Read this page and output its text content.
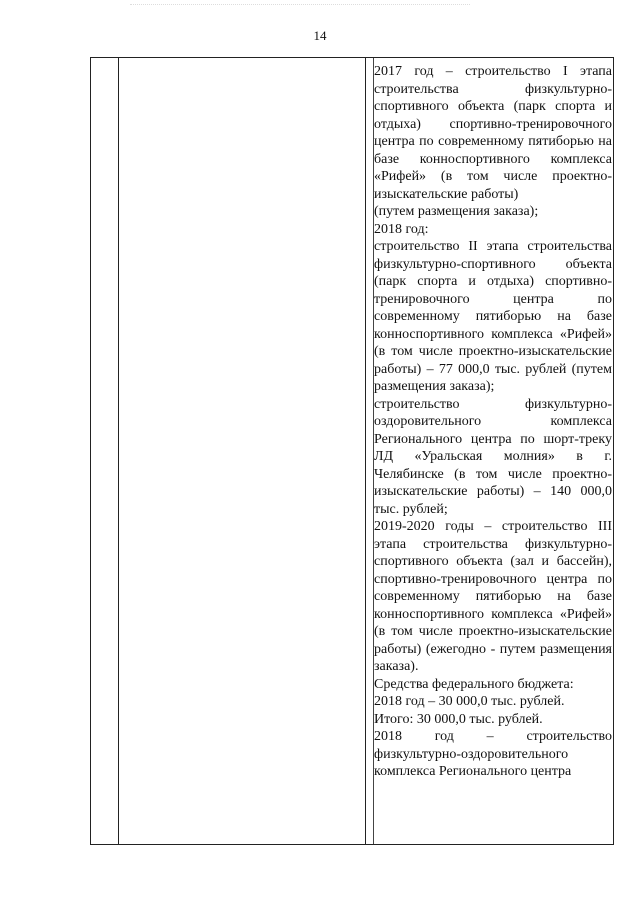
14

2017 год – строительство I этапа строительства физкультурно-спортивного объекта (парк спорта и отдыха) спортивно-тренировочного центра по современному пятиборью на базе конноспортивного комплекса «Рифей» (в том числе проектно-изыскательские работы)

(путем размещения заказа);

2018 год:

строительство II этапа строительства физкультурно-спортивного объекта (парк спорта и отдыха) спортивно-тренировочного центра по современному пятиборью на базе конноспортивного комплекса «Рифей» (в том числе проектно-изыскательские работы) – 77 000,0 тыс. рублей (путем размещения заказа);

строительство физкультурно-оздоровительного комплекса Регионального центра по шорт-треку ЛД «Уральская молния» в г. Челябинске (в том числе проектно-изыскательские работы) – 140 000,0 тыс. рублей;

2019-2020 годы – строительство III этапа строительства физкультурно-спортивного объекта (зал и бассейн), спортивно-тренировочного центра по современному пятиборью на базе конноспортивного комплекса «Рифей» (в том числе проектно-изыскательские работы) (ежегодно - путем размещения заказа).

Средства федерального бюджета:

2018 год – 30 000,0 тыс. рублей.

Итого: 30 000,0 тыс. рублей.

2018 год – строительство физкультурно-оздоровительного комплекса Регионального центра
